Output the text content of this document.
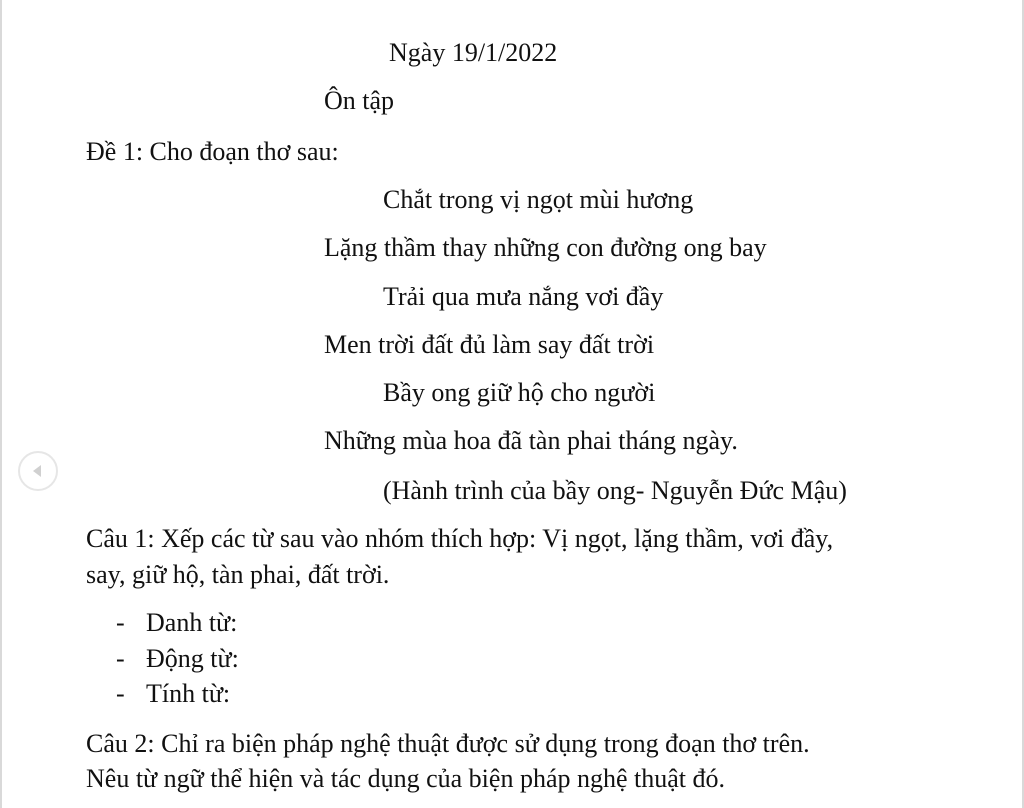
Ngày 19/1/2022
Ôn tập
Đề 1: Cho đoạn thơ sau:
Chắt trong vị ngọt mùi hương
Lặng thầm thay những con đường ong bay
Trải qua mưa nắng vơi đầy
Men trời đất đủ làm say đất trời
Bầy ong giữ hộ cho người
Những mùa hoa đã tàn phai tháng ngày.
(Hành trình của bầy ong- Nguyễn Đức Mậu)
Câu 1: Xếp các từ sau vào nhóm thích hợp: Vị ngọt, lặng thầm, vơi đầy,
say, giữ hộ, tàn phai, đất trời.
- Danh từ:
- Động từ:
- Tính từ:
Câu 2: Chỉ ra biện pháp nghệ thuật được sử dụng trong đoạn thơ trên.
Nêu từ ngữ thể hiện và tác dụng của biện pháp nghệ thuật đó.
